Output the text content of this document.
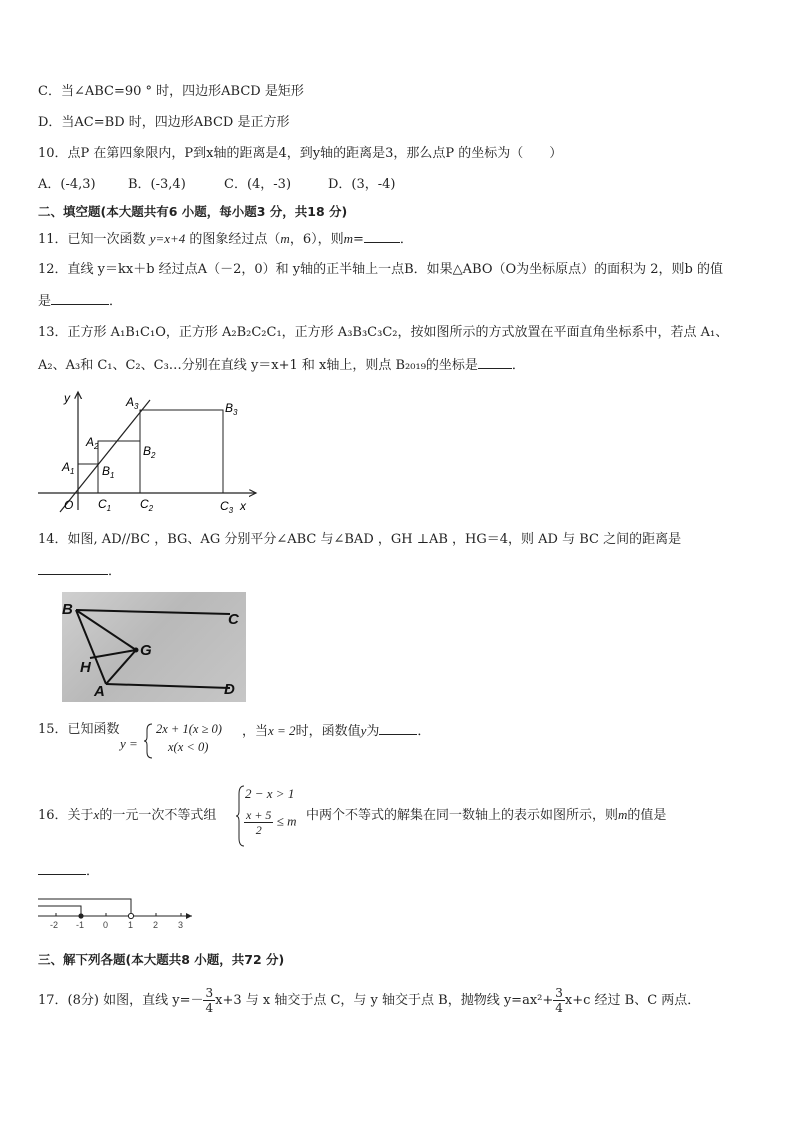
C．当∠ABC=90 ° 时，四边形ABCD 是矩形
D．当AC=BD 时，四边形ABCD 是正方形
10．点P 在第四象限内，P到x轴的距离是4，到y轴的距离是3，那么点P 的坐标为（　　）
A．(-4,3) B．(-3,4)	C．(4，-3)	D．(3，-4)
二、填空题(本大题共有6 小题，每小题3 分，共18 分)
11．已知一次函数 y=x+4 的图象经过点（m，6），则m=	．
12．直线 y＝kx＋b 经过点A（－2，0）和 y轴的正半轴上一点B．如果△ABO（O为坐标原点）的面积为 2，则b 的值
是	．
13．正方形 A₁B₁C₁O，正方形 A₂B₂C₂C₁，正方形 A₃B₃C₃C₂，按如图所示的方式放置在平面直角坐标系中，若点 A₁、
A₂、A₃和 C₁、C₂、C₃…分别在直线 y＝x+1 和 x轴上，则点 B₂₀₁₉的坐标是	．
y
x
O
$A_1$
$A_2$
$A_3$
$B_1$
$B_2$
$B_3$
$C_1$ $C_2$	$C_3$
14．如图, AD//BC ，BG、AG 分别平分∠ABC 与∠BAD ，GH ⊥AB ，HG＝4，则 AD 与 BC 之间的距离是
．
B
C
H
G
A	D
15．已知函数
y =
2x + 1(x ≥ 0)
x(x < 0)
，当x = 2时，函数值y为	．
2 − x > 1
$\frac{x + 5}{2} \le m$
16．关于x的一元一次不等式组	中两个不等式的解集在同一数轴上的表示如图所示，则m的值是
．
-2 -1 0 1 2 3
三、解下列各题(本大题共8 小题，共72 分)
17．(8分) 如图，直线 $y=- \frac{3}{4} x+3$ 与 x 轴交于点 C，与 y 轴交于点 B，抛物线 $y=ax^2+ \frac{3}{4} x+c$ 经过 B、C 两点．
